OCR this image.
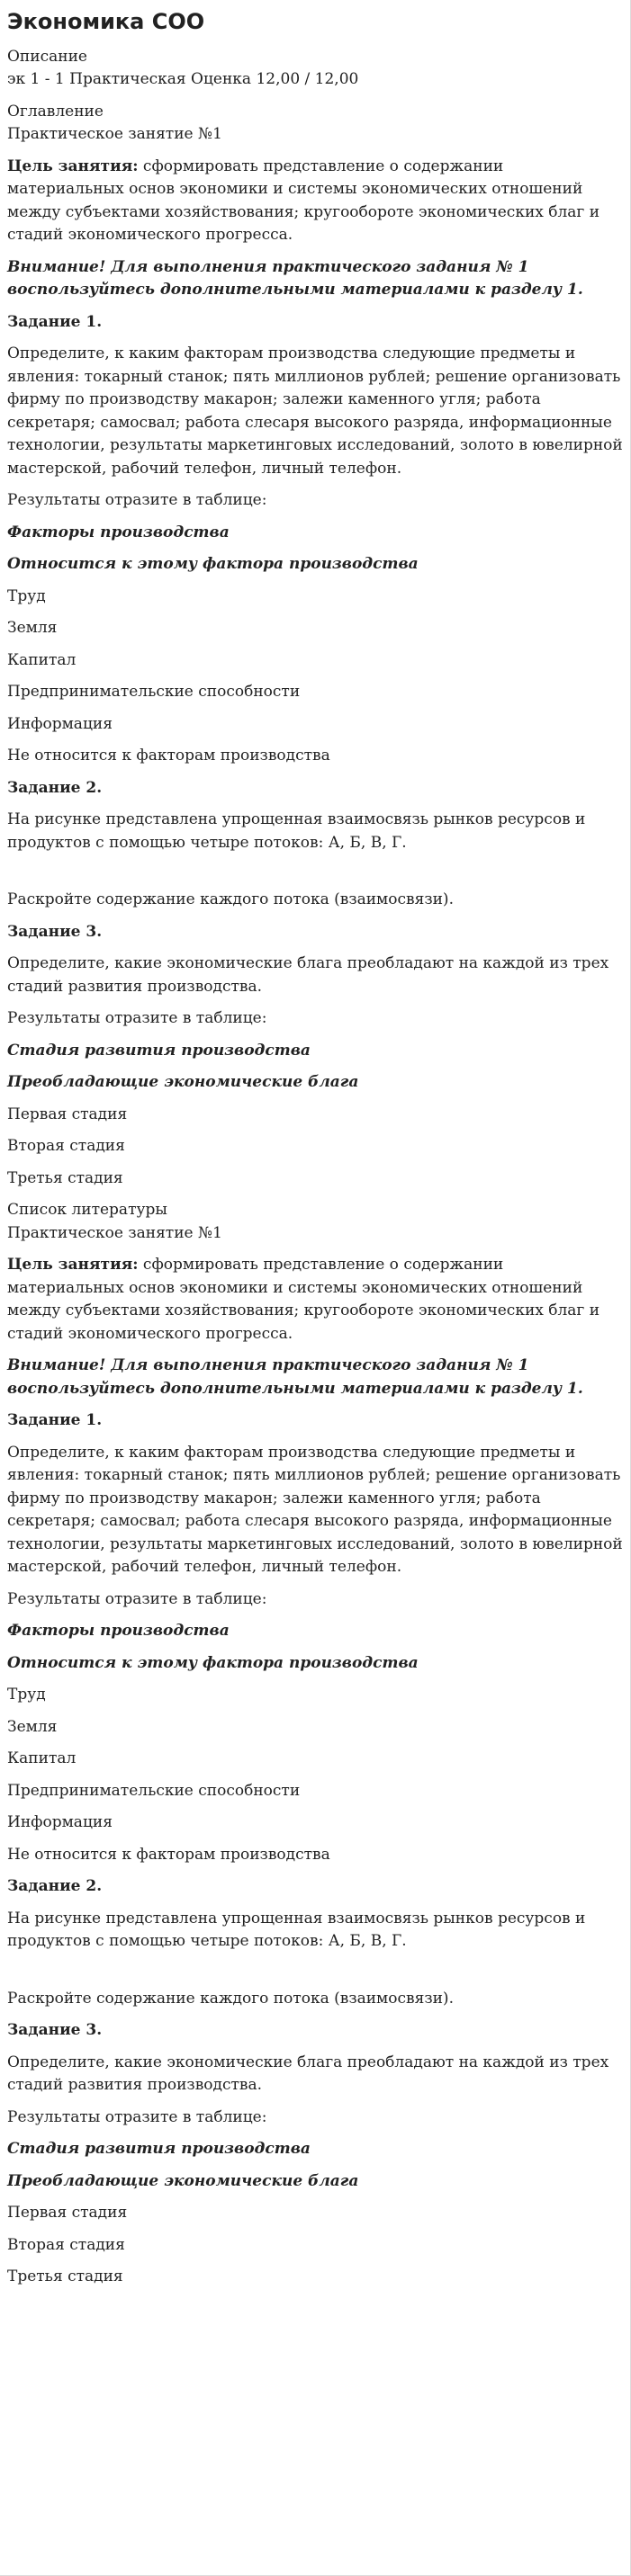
Экономика СОО
Описание
эк 1 - 1 Практическая Оценка 12,00 / 12,00
Оглавление
Практическое занятие №1

Цель занятия: сформировать представление о содержании материальных основ экономики и системы экономических отношений между субъектами хозяйствования; кругообороте экономических благ и стадий экономического прогресса.

Внимание! Для выполнения практического задания № 1 воспользуйтесь дополнительными материалами к разделу 1.

Задание 1.

Определите, к каким факторам производства следующие предметы и явления: токарный станок; пять миллионов рублей; решение организовать фирму по производству макарон; залежи каменного угля; работа секретаря; самосвал; работа слесаря высокого разряда, информационные технологии, результаты маркетинговых исследований, золото в ювелирной мастерской, рабочий телефон, личный телефон.

Результаты отразите в таблице:

Факторы производства

Относится к этому фактора производства

Труд
Земля
Капитал
Предпринимательские способности
Информация
Не относится к факторам производства

Задание 2.

На рисунке представлена упрощенная взаимосвязь рынков ресурсов и продуктов с помощью четыре потоков: А, Б, В, Г.

Раскройте содержание каждого потока (взаимосвязи).

Задание 3.

Определите, какие экономические блага преобладают на каждой из трех стадий развития производства.

Результаты отразите в таблице:

Стадия развития производства

Преобладающие экономические блага

Первая стадия
Вторая стадия
Третья стадия
Список литературы
Практическое занятие №1

Цель занятия: сформировать представление о содержании материальных основ экономики и системы экономических отношений между субъектами хозяйствования; кругообороте экономических благ и стадий экономического прогресса.

Внимание! Для выполнения практического задания № 1 воспользуйтесь дополнительными материалами к разделу 1.

Задание 1.

Определите, к каким факторам производства следующие предметы и явления: токарный станок; пять миллионов рублей; решение организовать фирму по производству макарон; залежи каменного угля; работа секретаря; самосвал; работа слесаря высокого разряда, информационные технологии, результаты маркетинговых исследований, золото в ювелирной мастерской, рабочий телефон, личный телефон.

Результаты отразите в таблице:

Факторы производства

Относится к этому фактора производства

Труд
Земля
Капитал
Предпринимательские способности
Информация
Не относится к факторам производства

Задание 2.

На рисунке представлена упрощенная взаимосвязь рынков ресурсов и продуктов с помощью четыре потоков: А, Б, В, Г.

Раскройте содержание каждого потока (взаимосвязи).

Задание 3.

Определите, какие экономические блага преобладают на каждой из трех стадий развития производства.

Результаты отразите в таблице:

Стадия развития производства

Преобладающие экономические блага

Первая стадия
Вторая стадия
Третья стадия
